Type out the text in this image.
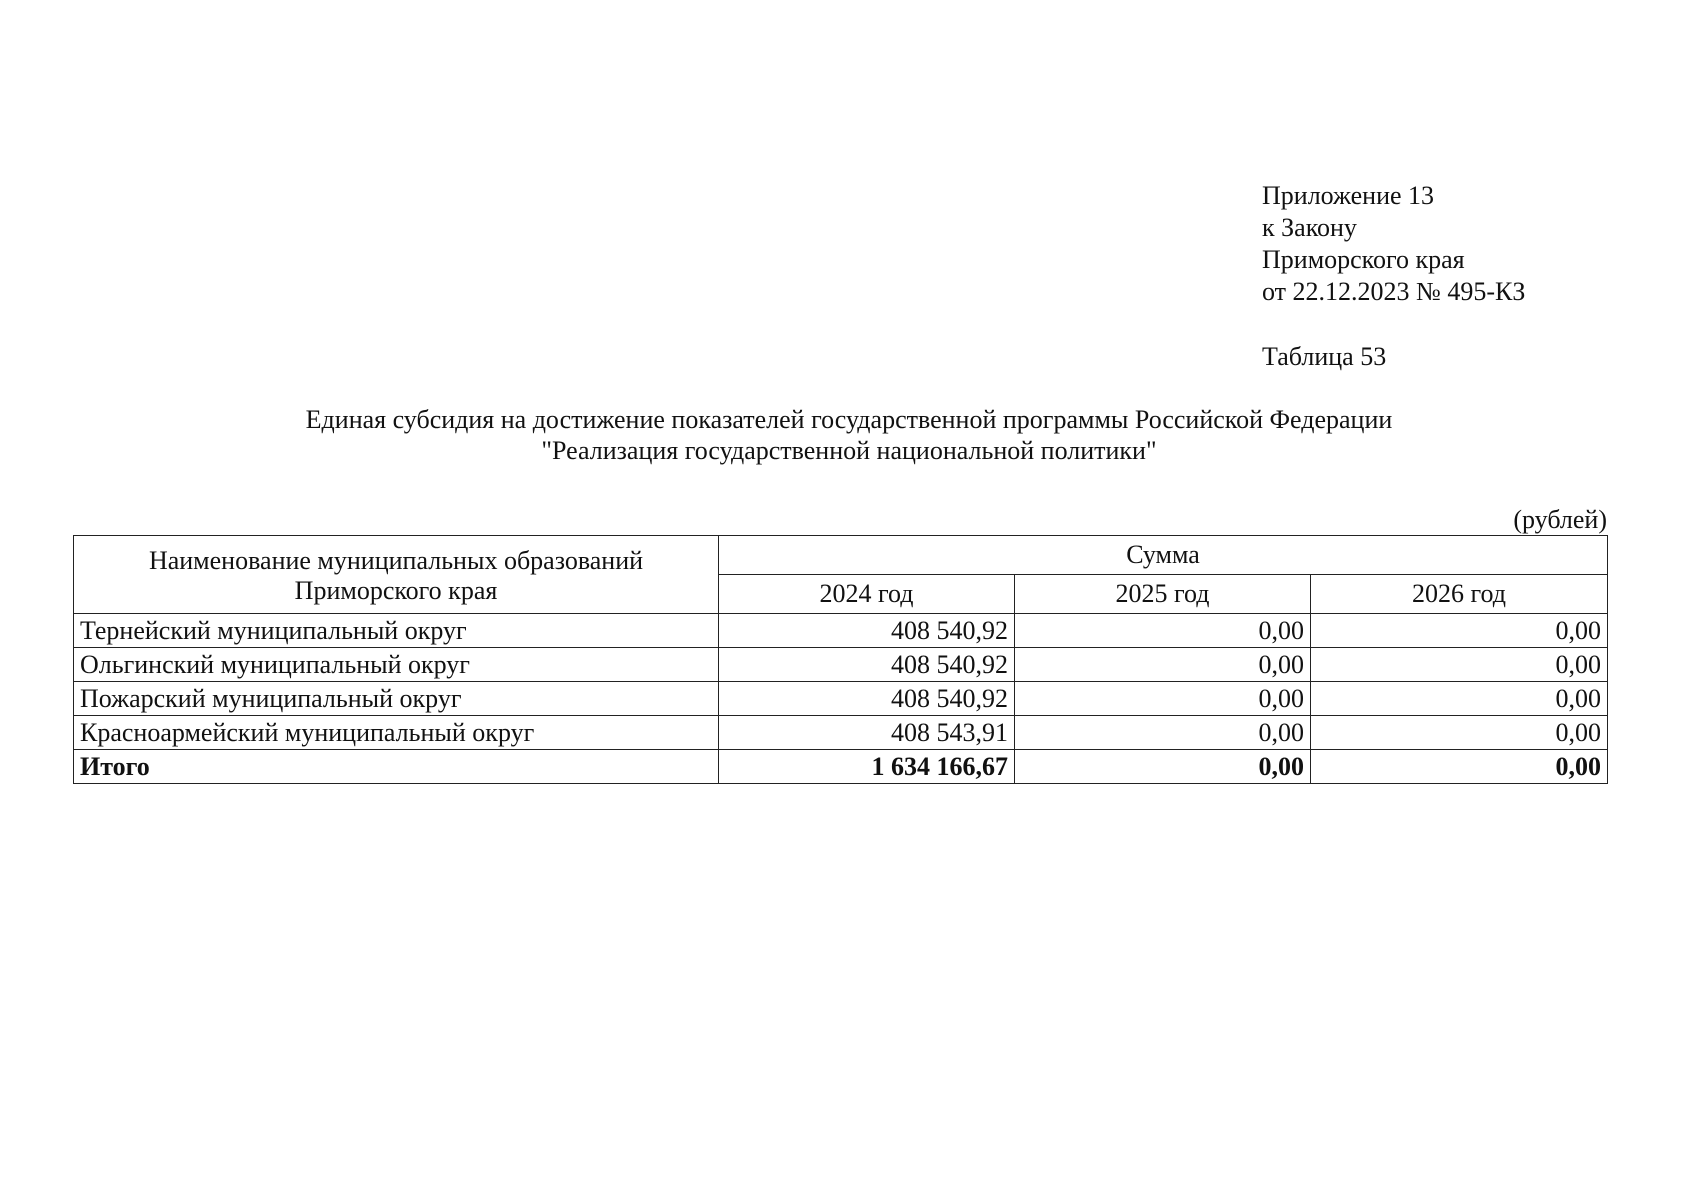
Приложение 13
к Закону
Приморского края
от 22.12.2023 № 495-КЗ
Таблица 53
Единая субсидия на достижение показателей государственной программы Российской Федерации
"Реализация государственной национальной политики"
(рублей)
Наименование муниципальных образований Приморского края	Сумма		
	2024 год	2025 год	2026 год
Тернейский муниципальный округ	408 540,92	0,00	0,00
Ольгинский муниципальный округ	408 540,92	0,00	0,00
Пожарский муниципальный округ	408 540,92	0,00	0,00
Красноармейский муниципальный округ	408 543,91	0,00	0,00
Итого	1 634 166,67	0,00	0,00
